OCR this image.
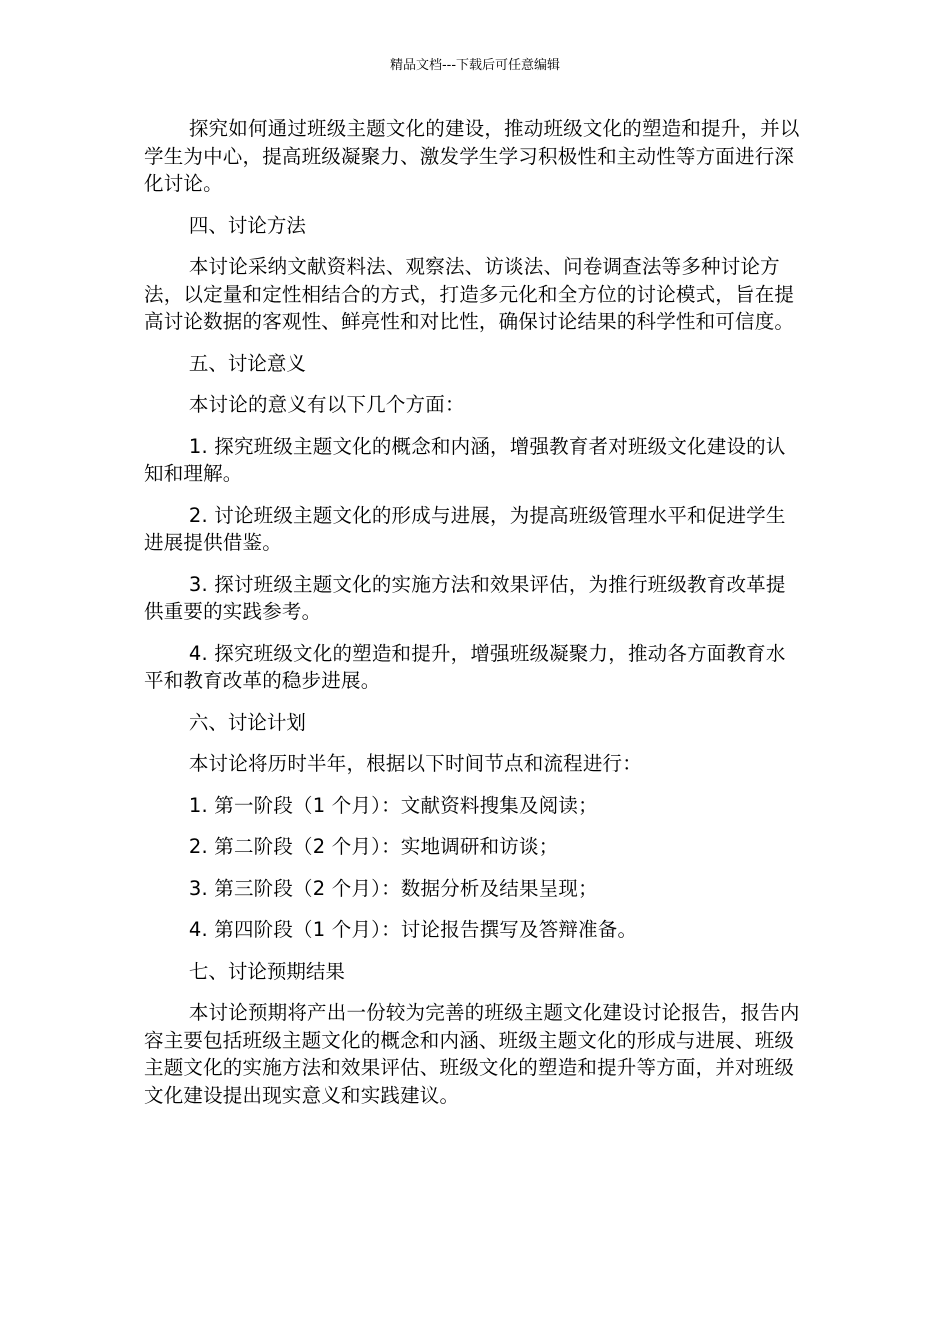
精品文档---下载后可任意编辑

探究如何通过班级主题文化的建设，推动班级文化的塑造和提升，并以学生为中心，提高班级凝聚力、激发学生学习积极性和主动性等方面进行深化讨论。

四、讨论方法

本讨论采纳文献资料法、观察法、访谈法、问卷调查法等多种讨论方法，以定量和定性相结合的方式，打造多元化和全方位的讨论模式，旨在提高讨论数据的客观性、鲜亮性和对比性，确保讨论结果的科学性和可信度。

五、讨论意义

本讨论的意义有以下几个方面：

1. 探究班级主题文化的概念和内涵，增强教育者对班级文化建设的认知和理解。

2. 讨论班级主题文化的形成与进展，为提高班级管理水平和促进学生进展提供借鉴。

3. 探讨班级主题文化的实施方法和效果评估，为推行班级教育改革提供重要的实践参考。

4. 探究班级文化的塑造和提升，增强班级凝聚力，推动各方面教育水平和教育改革的稳步进展。

六、讨论计划

本讨论将历时半年，根据以下时间节点和流程进行：

1. 第一阶段（1 个月）：文献资料搜集及阅读；

2. 第二阶段（2 个月）：实地调研和访谈；

3. 第三阶段（2 个月）：数据分析及结果呈现；

4. 第四阶段（1 个月）：讨论报告撰写及答辩准备。

七、讨论预期结果

本讨论预期将产出一份较为完善的班级主题文化建设讨论报告，报告内容主要包括班级主题文化的概念和内涵、班级主题文化的形成与进展、班级主题文化的实施方法和效果评估、班级文化的塑造和提升等方面，并对班级文化建设提出现实意义和实践建议。
